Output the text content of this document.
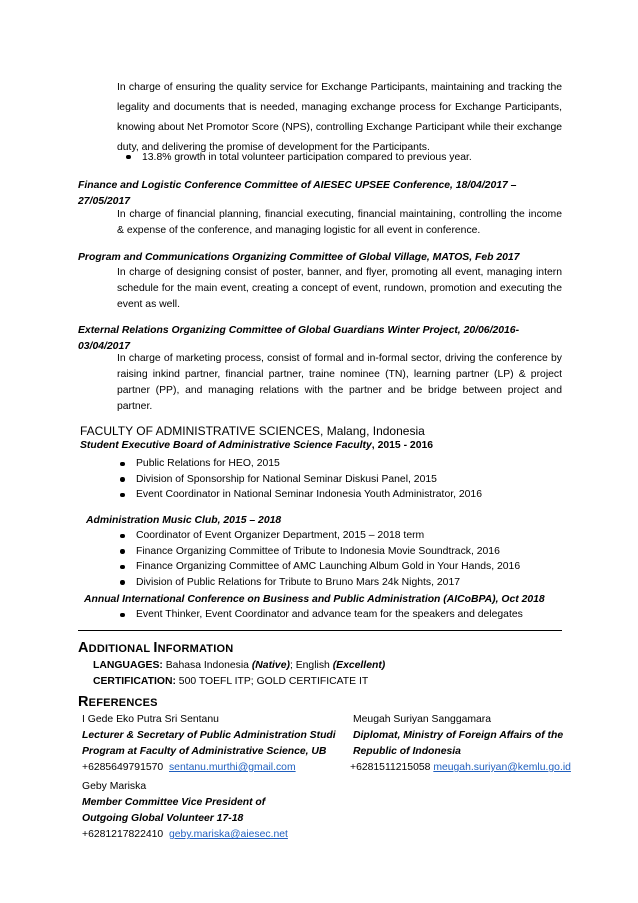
In charge of ensuring the quality service for Exchange Participants, maintaining and tracking the legality and documents that is needed, managing exchange process for Exchange Participants, knowing about Net Promotor Score (NPS), controlling Exchange Participant while their exchange duty, and delivering the promise of development for the Participants.
13.8% growth in total volunteer participation compared to previous year.
Finance and Logistic Conference Committee of AIESEC UPSEE Conference, 18/04/2017 – 27/05/2017
In charge of financial planning, financial executing, financial maintaining, controlling the income & expense of the conference, and managing logistic for all event in conference.
Program and Communications Organizing Committee of Global Village, MATOS, Feb 2017
In charge of designing consist of poster, banner, and flyer, promoting all event, managing intern schedule for the main event, creating a concept of event, rundown, promotion and executing the event as well.
External Relations Organizing Committee of Global Guardians Winter Project, 20/06/2016-03/04/2017
In charge of marketing process, consist of formal and in-formal sector, driving the conference by raising inkind partner, financial partner, traine nominee (TN), learning partner (LP) & project partner (PP), and managing relations with the partner and be bridge between project and partner.
FACULTY OF ADMINISTRATIVE SCIENCES, Malang, Indonesia
Student Executive Board of Administrative Science Faculty, 2015 - 2016
Public Relations for HEO, 2015
Division of Sponsorship for National Seminar Diskusi Panel, 2015
Event Coordinator in National Seminar Indonesia Youth Administrator, 2016
Administration Music Club, 2015 – 2018
Coordinator of Event Organizer Department, 2015 – 2018 term
Finance Organizing Committee of Tribute to Indonesia Movie Soundtrack, 2016
Finance Organizing Committee of AMC Launching Album Gold in Your Hands, 2016
Division of Public Relations for Tribute to Bruno Mars 24k Nights, 2017
Annual International Conference on Business and Public Administration (AICoBPA), Oct 2018
Event Thinker, Event Coordinator and advance team for the speakers and delegates
ADDITIONAL INFORMATION
LANGUAGES: Bahasa Indonesia (Native); English (Excellent)
CERTIFICATION: 500 TOEFL ITP; GOLD CERTIFICATE IT
REFERENCES
I Gede Eko Putra Sri Sentanu
Lecturer & Secretary of Public Administration Studi
Program at Faculty of Administrative Science, UB
+6285649791570 sentanu.murthi@gmail.com
Meugah Suriyan Sanggamara
Diplomat, Ministry of Foreign Affairs of the
Republic of Indonesia
+6281511215058 meugah.suriyan@kemlu.go.id
Geby Mariska
Member Committee Vice President of
Outgoing Global Volunteer 17-18
+6281217822410 geby.mariska@aiesec.net
